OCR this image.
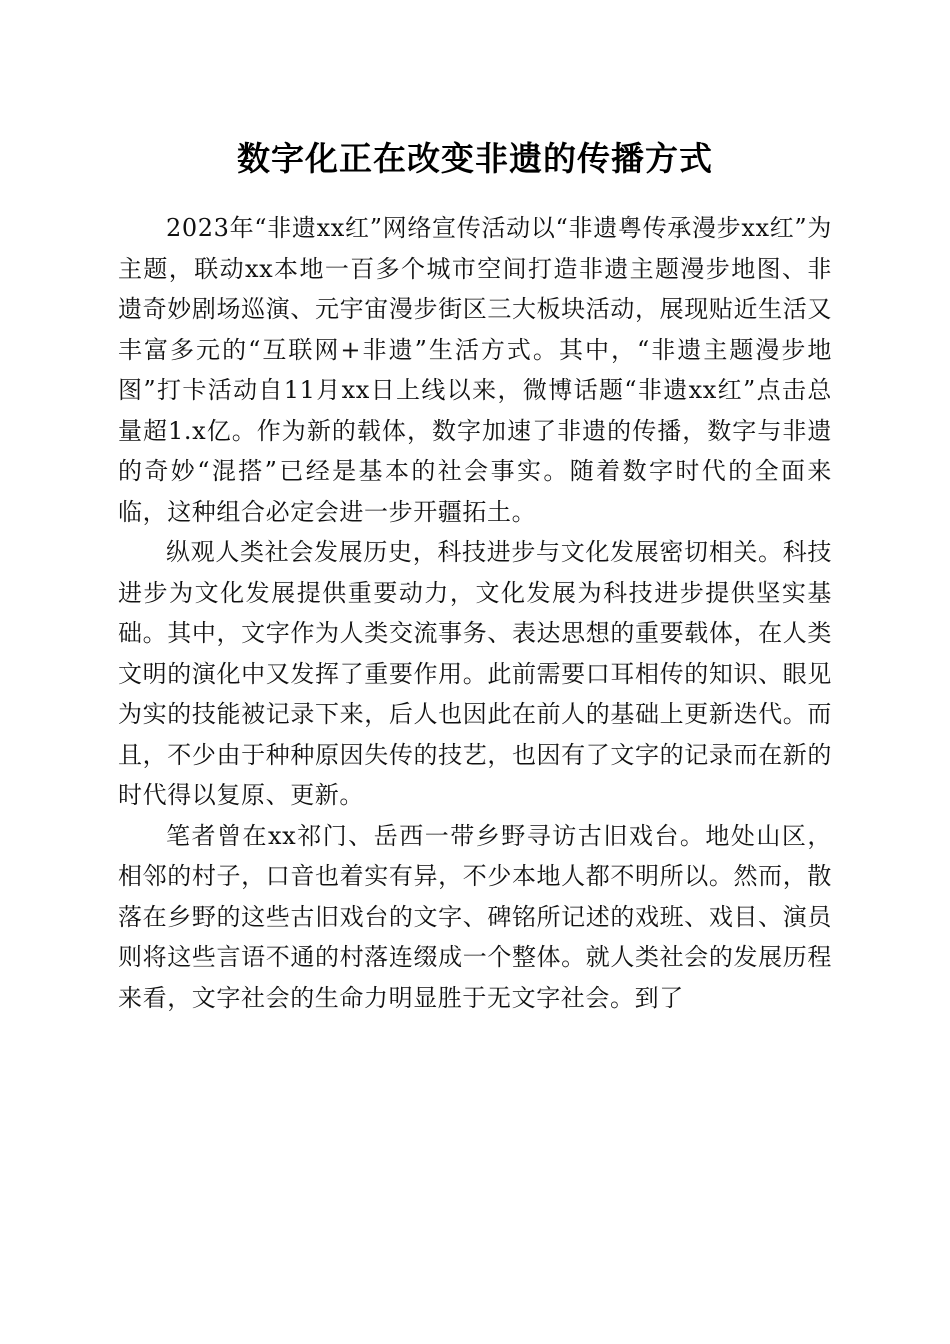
数字化正在改变非遗的传播方式

2023年“非遗xx红”网络宣传活动以“非遗粤传承漫步xx红”为主题，联动xx本地一百多个城市空间打造非遗主题漫步地图、非遗奇妙剧场巡演、元宇宙漫步街区三大板块活动，展现贴近生活又丰富多元的“互联网+非遗”生活方式。其中，“非遗主题漫步地图”打卡活动自11月xx日上线以来，微博话题“非遗xx红”点击总量超1.x亿。作为新的载体，数字加速了非遗的传播，数字与非遗的奇妙“混搭”已经是基本的社会事实。随着数字时代的全面来临，这种组合必定会进一步开疆拓土。

纵观人类社会发展历史，科技进步与文化发展密切相关。科技进步为文化发展提供重要动力，文化发展为科技进步提供坚实基础。其中，文字作为人类交流事务、表达思想的重要载体，在人类文明的演化中又发挥了重要作用。此前需要口耳相传的知识、眼见为实的技能被记录下来，后人也因此在前人的基础上更新迭代。而且，不少由于种种原因失传的技艺，也因有了文字的记录而在新的时代得以复原、更新。

笔者曾在xx祁门、岳西一带乡野寻访古旧戏台。地处山区，相邻的村子，口音也着实有异，不少本地人都不明所以。然而，散落在乡野的这些古旧戏台的文字、碑铭所记述的戏班、戏目、演员则将这些言语不通的村落连缀成一个整体。就人类社会的发展历程来看，文字社会的生命力明显胜于无文字社会。到了
